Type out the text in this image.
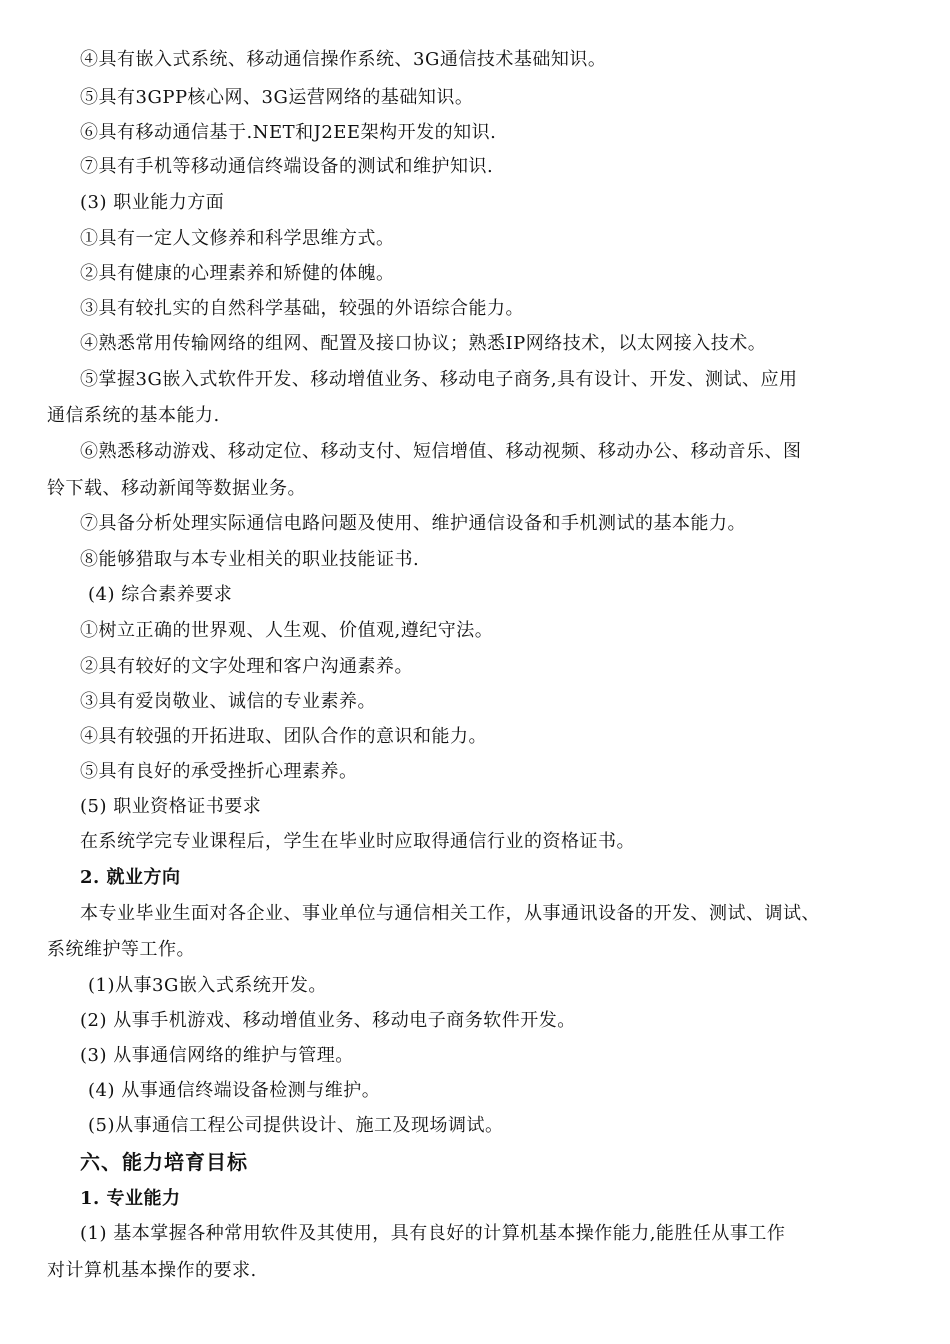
④具有嵌入式系统、移动通信操作系统、3G通信技术基础知识。
⑤具有3GPP核心网、3G运营网络的基础知识。
⑥具有移动通信基于.NET和J2EE架构开发的知识.
⑦具有手机等移动通信终端设备的测试和维护知识.
(3) 职业能力方面
①具有一定人文修养和科学思维方式。
②具有健康的心理素养和矫健的体魄。
③具有较扎实的自然科学基础，较强的外语综合能力。
④熟悉常用传输网络的组网、配置及接口协议；熟悉IP网络技术，以太网接入技术。
⑤掌握3G嵌入式软件开发、移动增值业务、移动电子商务,具有设计、开发、测试、应用
通信系统的基本能力.
⑥熟悉移动游戏、移动定位、移动支付、短信增值、移动视频、移动办公、移动音乐、图
铃下载、移动新闻等数据业务。
⑦具备分析处理实际通信电路问题及使用、维护通信设备和手机测试的基本能力。
⑧能够猎取与本专业相关的职业技能证书.
(4) 综合素养要求
①树立正确的世界观、人生观、价值观,遵纪守法。
②具有较好的文字处理和客户沟通素养。
③具有爱岗敬业、诚信的专业素养。
④具有较强的开拓进取、团队合作的意识和能力。
⑤具有良好的承受挫折心理素养。
(5) 职业资格证书要求
在系统学完专业课程后，学生在毕业时应取得通信行业的资格证书。
2. 就业方向
本专业毕业生面对各企业、事业单位与通信相关工作，从事通讯设备的开发、测试、调试、
系统维护等工作。
(1)从事3G嵌入式系统开发。
(2) 从事手机游戏、移动增值业务、移动电子商务软件开发。
(3) 从事通信网络的维护与管理。
(4) 从事通信终端设备检测与维护。
(5)从事通信工程公司提供设计、施工及现场调试。
六、能力培育目标
1. 专业能力
(1) 基本掌握各种常用软件及其使用，具有良好的计算机基本操作能力,能胜任从事工作
对计算机基本操作的要求.
